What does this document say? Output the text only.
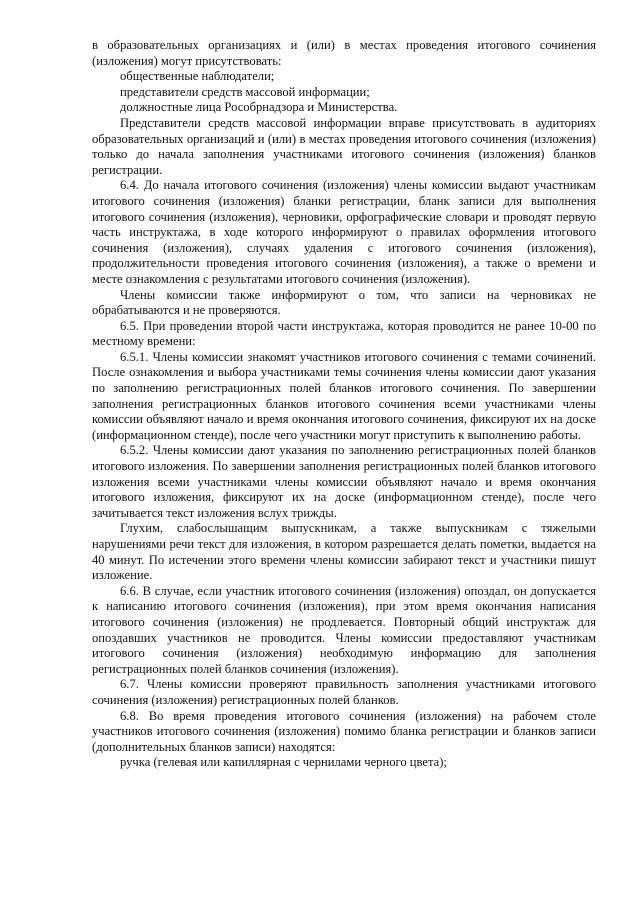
в образовательных организациях и (или) в местах проведения итогового сочинения (изложения) могут присутствовать:

общественные наблюдатели;

представители средств массовой информации;

должностные лица Рособрнадзора и Министерства.

Представители средств массовой информации вправе присутствовать в аудиториях образовательных организаций и (или) в местах проведения итогового сочинения (изложения) только до начала заполнения участниками итогового сочинения (изложения) бланков регистрации.

6.4. До начала итогового сочинения (изложения) члены комиссии выдают участникам итогового сочинения (изложения) бланки регистрации, бланк записи для выполнения итогового сочинения (изложения), черновики, орфографические словари и проводят первую часть инструктажа, в ходе которого информируют о правилах оформления итогового сочинения (изложения), случаях удаления с итогового сочинения (изложения), продолжительности проведения итогового сочинения (изложения), а также о времени и месте ознакомления с результатами итогового сочинения (изложения).

Члены комиссии также информируют о том, что записи на черновиках не обрабатываются и не проверяются.

6.5. При проведении второй части инструктажа, которая проводится не ранее 10-00 по местному времени:

6.5.1. Члены комиссии знакомят участников итогового сочинения с темами сочинений. После ознакомления и выбора участниками темы сочинения члены комиссии дают указания по заполнению регистрационных полей бланков итогового сочинения. По завершении заполнения регистрационных бланков итогового сочинения всеми участниками члены комиссии объявляют начало и время окончания итогового сочинения, фиксируют их на доске (информационном стенде), после чего участники могут приступить к выполнению работы.

6.5.2. Члены комиссии дают указания по заполнению регистрационных полей бланков итогового изложения. По завершении заполнения регистрационных полей бланков итогового изложения всеми участниками члены комиссии объявляют начало и время окончания итогового изложения, фиксируют их на доске (информационном стенде), после чего зачитывается текст изложения вслух трижды.

Глухим, слабослышащим выпускникам, а также выпускникам с тяжелыми нарушениями речи текст для изложения, в котором разрешается делать пометки, выдается на 40 минут. По истечении этого времени члены комиссии забирают текст и участники пишут изложение.

6.6. В случае, если участник итогового сочинения (изложения) опоздал, он допускается к написанию итогового сочинения (изложения), при этом время окончания написания итогового сочинения (изложения) не продлевается. Повторный общий инструктаж для опоздавших участников не проводится. Члены комиссии предоставляют участникам итогового сочинения (изложения) необходимую информацию для заполнения регистрационных полей бланков сочинения (изложения).

6.7. Члены комиссии проверяют правильность заполнения участниками итогового сочинения (изложения) регистрационных полей бланков.

6.8. Во время проведения итогового сочинения (изложения) на рабочем столе участников итогового сочинения (изложения) помимо бланка регистрации и бланков записи (дополнительных бланков записи) находятся:

ручка (гелевая или капиллярная с чернилами черного цвета);
